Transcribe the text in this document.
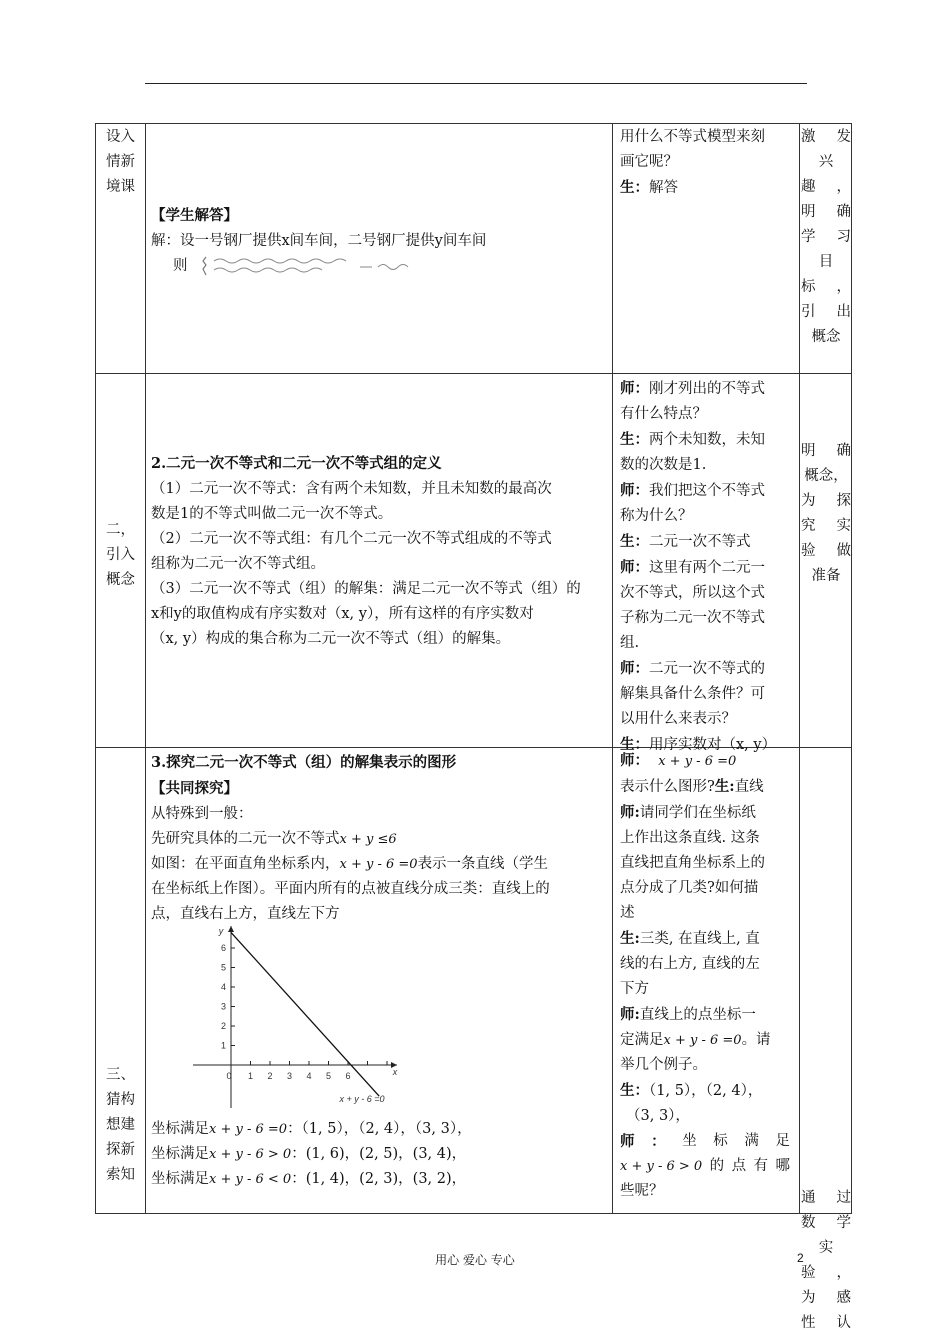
设入
情新
境课
【学生解答】
解：设一号钢厂提供x间车间，二号钢厂提供y间车间
则
用什么不等式模型来刻
画它呢？
生：解答
激 发
兴
趣 ，
明 确
学 习
目
标 ，
引 出
概念
二，
引入
概念
2.二元一次不等式和二元一次不等式组的定义
（1）二元一次不等式：含有两个未知数，并且未知数的最高次
数是1的不等式叫做二元一次不等式。
（2）二元一次不等式组：有几个二元一次不等式组成的不等式
组称为二元一次不等式组。
（3）二元一次不等式（组）的解集：满足二元一次不等式（组）的
x和y的取值构成有序实数对（x, y），所有这样的有序实数对
（x, y）构成的集合称为二元一次不等式（组）的解集。
师：刚才列出的不等式
有什么特点？
生：两个未知数，未知
数的次数是1.
师：我们把这个不等式
称为什么？
生：二元一次不等式
师：这里有两个二元一
次不等式，所以这个式
子称为二元一次不等式
组.
师：二元一次不等式的
解集具备什么条件？可
以用什么来表示？
生：用序实数对（x, y）
明 确
概念，
为 探
究 实
验 做
准备
三、
猜构
想建
探新
索知
3.探究二元一次不等式（组）的解集表示的图形
【共同探究】
从特殊到一般：
先研究具体的二元一次不等式x + y ≤6
如图：在平面直角坐标系内，x + y - 6 =0表示一条直线（学生
在坐标纸上作图）。平面内所有的点被直线分成三类：直线上的
点，直线右上方，直线左下方
坐标满足x + y - 6 =0：（1, 5），（2, 4），（3, 3），
坐标满足x + y - 6 > 0：(1, 6)，(2, 5)，(3, 4)，
坐标满足x + y - 6 < 0：(1, 4)，(2, 3)，(3, 2)，
师： x + y - 6 =0
表示什么图形?生:直线
师:请同学们在坐标纸
上作出这条直线. 这条
直线把直角坐标系上的
点分成了几类?如何描
述
生:三类, 在直线上, 直
线的右上方, 直线的左
下方
师:直线上的点坐标一
定满足x + y - 6 =0。请
举几个例子。
生：（1, 5），（2, 4），
（3, 3），
师 ： 坐 标 满 足
x + y - 6 > 0 的 点 有 哪
些呢？	通 过
数 学
实
验 ，
为 感
性 认
0 1 2 3 4 5 6
1
2
3
4
5
6
x
y
x + y - 6 =0
用心 爱心 专心	2
